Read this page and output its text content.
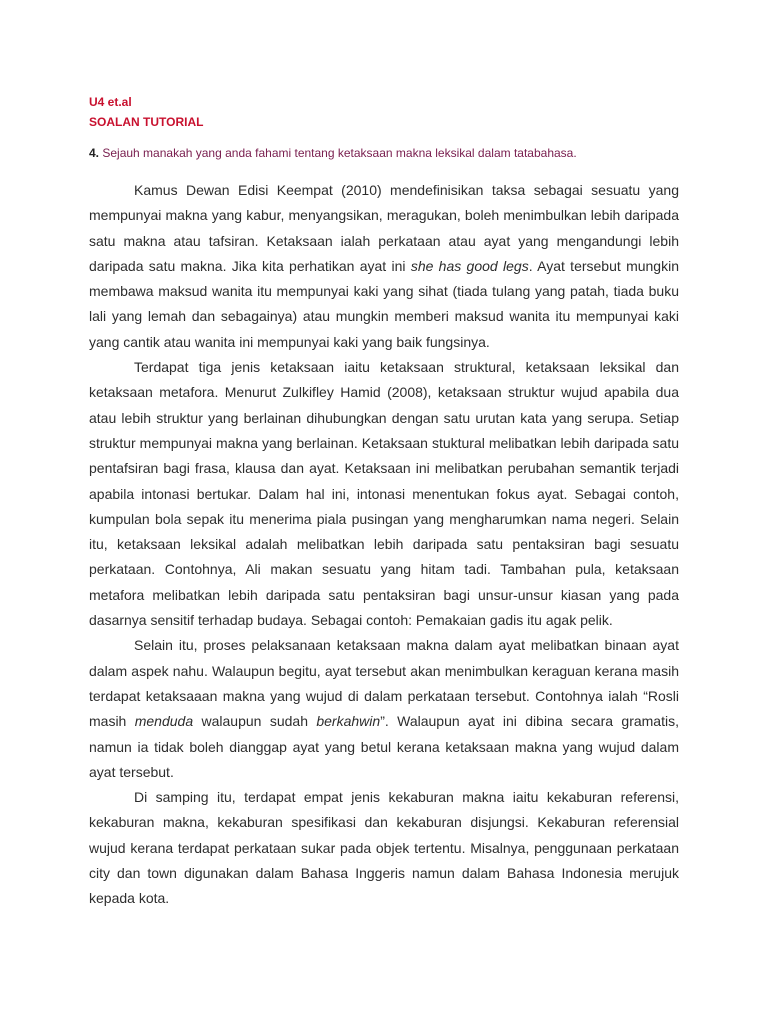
U4 et.al
SOALAN TUTORIAL
4. Sejauh manakah yang anda fahami tentang ketaksaan makna leksikal dalam tatabahasa.

Kamus Dewan Edisi Keempat (2010) mendefinisikan taksa sebagai sesuatu yang mempunyai makna yang kabur, menyangsikan, meragukan, boleh menimbulkan lebih daripada satu makna atau tafsiran. Ketaksaan ialah perkataan atau ayat yang mengandungi lebih daripada satu makna. Jika kita perhatikan ayat ini she has good legs. Ayat tersebut mungkin membawa maksud wanita itu mempunyai kaki yang sihat (tiada tulang yang patah, tiada buku lali yang lemah dan sebagainya) atau mungkin memberi maksud wanita itu mempunyai kaki yang cantik atau wanita ini mempunyai kaki yang baik fungsinya.

Terdapat tiga jenis ketaksaan iaitu ketaksaan struktural, ketaksaan leksikal dan ketaksaan metafora. Menurut Zulkifley Hamid (2008), ketaksaan struktur wujud apabila dua atau lebih struktur yang berlainan dihubungkan dengan satu urutan kata yang serupa. Setiap struktur mempunyai makna yang berlainan. Ketaksaan stuktural melibatkan lebih daripada satu pentafsiran bagi frasa, klausa dan ayat. Ketaksaan ini melibatkan perubahan semantik terjadi apabila intonasi bertukar. Dalam hal ini, intonasi menentukan fokus ayat. Sebagai contoh, kumpulan bola sepak itu menerima piala pusingan yang mengharumkan nama negeri. Selain itu, ketaksaan leksikal adalah melibatkan lebih daripada satu pentaksiran bagi sesuatu perkataan. Contohnya, Ali makan sesuatu yang hitam tadi. Tambahan pula, ketaksaan metafora melibatkan lebih daripada satu pentaksiran bagi unsur-unsur kiasan yang pada dasarnya sensitif terhadap budaya. Sebagai contoh: Pemakaian gadis itu agak pelik.

Selain itu, proses pelaksanaan ketaksaan makna dalam ayat melibatkan binaan ayat dalam aspek nahu. Walaupun begitu, ayat tersebut akan menimbulkan keraguan kerana masih terdapat ketaksaaan makna yang wujud di dalam perkataan tersebut. Contohnya ialah “Rosli masih menduda walaupun sudah berkahwin”. Walaupun ayat ini dibina secara gramatis, namun ia tidak boleh dianggap ayat yang betul kerana ketaksaan makna yang wujud dalam ayat tersebut.

Di samping itu, terdapat empat jenis kekaburan makna iaitu kekaburan referensi, kekaburan makna, kekaburan spesifikasi dan kekaburan disjungsi. Kekaburan referensial wujud kerana terdapat perkataan sukar pada objek tertentu. Misalnya, penggunaan perkataan city dan town digunakan dalam Bahasa Inggeris namun dalam Bahasa Indonesia merujuk kepada kota.
